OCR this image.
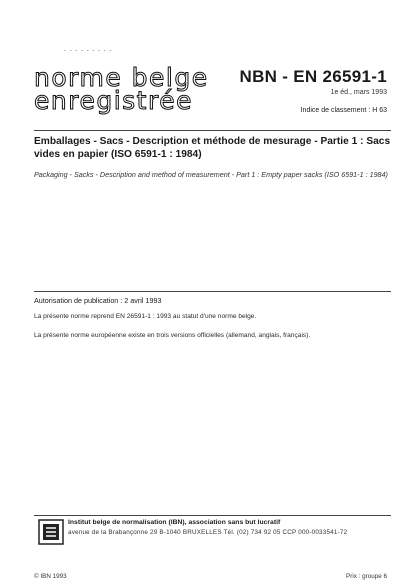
- - - - - - - - -
norme belge
enregistrée
NBN - EN 26591-1
1e éd., mars 1993
Indice de classement : H 63
Emballages - Sacs - Description et méthode de mesurage - Partie 1 : Sacs vides en papier (ISO 6591-1 : 1984)
Packaging - Sacks - Description and method of measurement - Part 1 : Empty paper sacks (ISO 6591-1 : 1984)
Autorisation de publication : 2 avril 1993
La présente norme reprend EN 26591-1 : 1993 au statut d'une norme belge.
La présente norme européenne existe en trois versions officielles (allemand, anglais, français).
Institut belge de normalisation (IBN), association sans but lucratif
avenue de la Brabançonne 29 B-1040 BRUXELLES Tél. (02) 734 92 05 CCP 000-0033541-72
© IBN 1993	Prix : groupe 6
